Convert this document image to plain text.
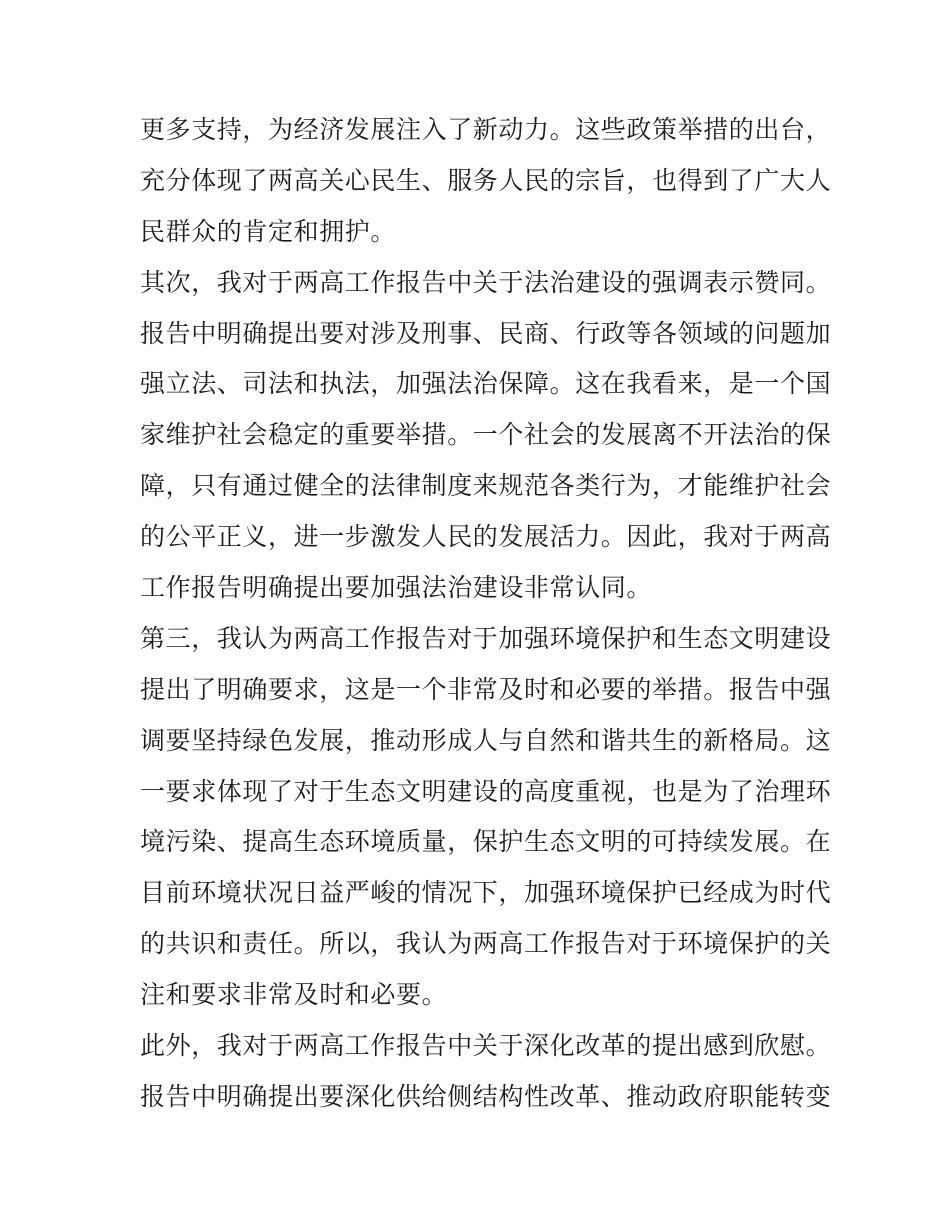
更多支持，为经济发展注入了新动力。这些政策举措的出台，
充分体现了两高关心民生、服务人民的宗旨，也得到了广大人
民群众的肯定和拥护。
其次，我对于两高工作报告中关于法治建设的强调表示赞同。
报告中明确提出要对涉及刑事、民商、行政等各领域的问题加
强立法、司法和执法，加强法治保障。这在我看来，是一个国
家维护社会稳定的重要举措。一个社会的发展离不开法治的保
障，只有通过健全的法律制度来规范各类行为，才能维护社会
的公平正义，进一步激发人民的发展活力。因此，我对于两高
工作报告明确提出要加强法治建设非常认同。
第三，我认为两高工作报告对于加强环境保护和生态文明建设
提出了明确要求，这是一个非常及时和必要的举措。报告中强
调要坚持绿色发展，推动形成人与自然和谐共生的新格局。这
一要求体现了对于生态文明建设的高度重视，也是为了治理环
境污染、提高生态环境质量，保护生态文明的可持续发展。在
目前环境状况日益严峻的情况下，加强环境保护已经成为时代
的共识和责任。所以，我认为两高工作报告对于环境保护的关
注和要求非常及时和必要。
此外，我对于两高工作报告中关于深化改革的提出感到欣慰。
报告中明确提出要深化供给侧结构性改革、推动政府职能转变
